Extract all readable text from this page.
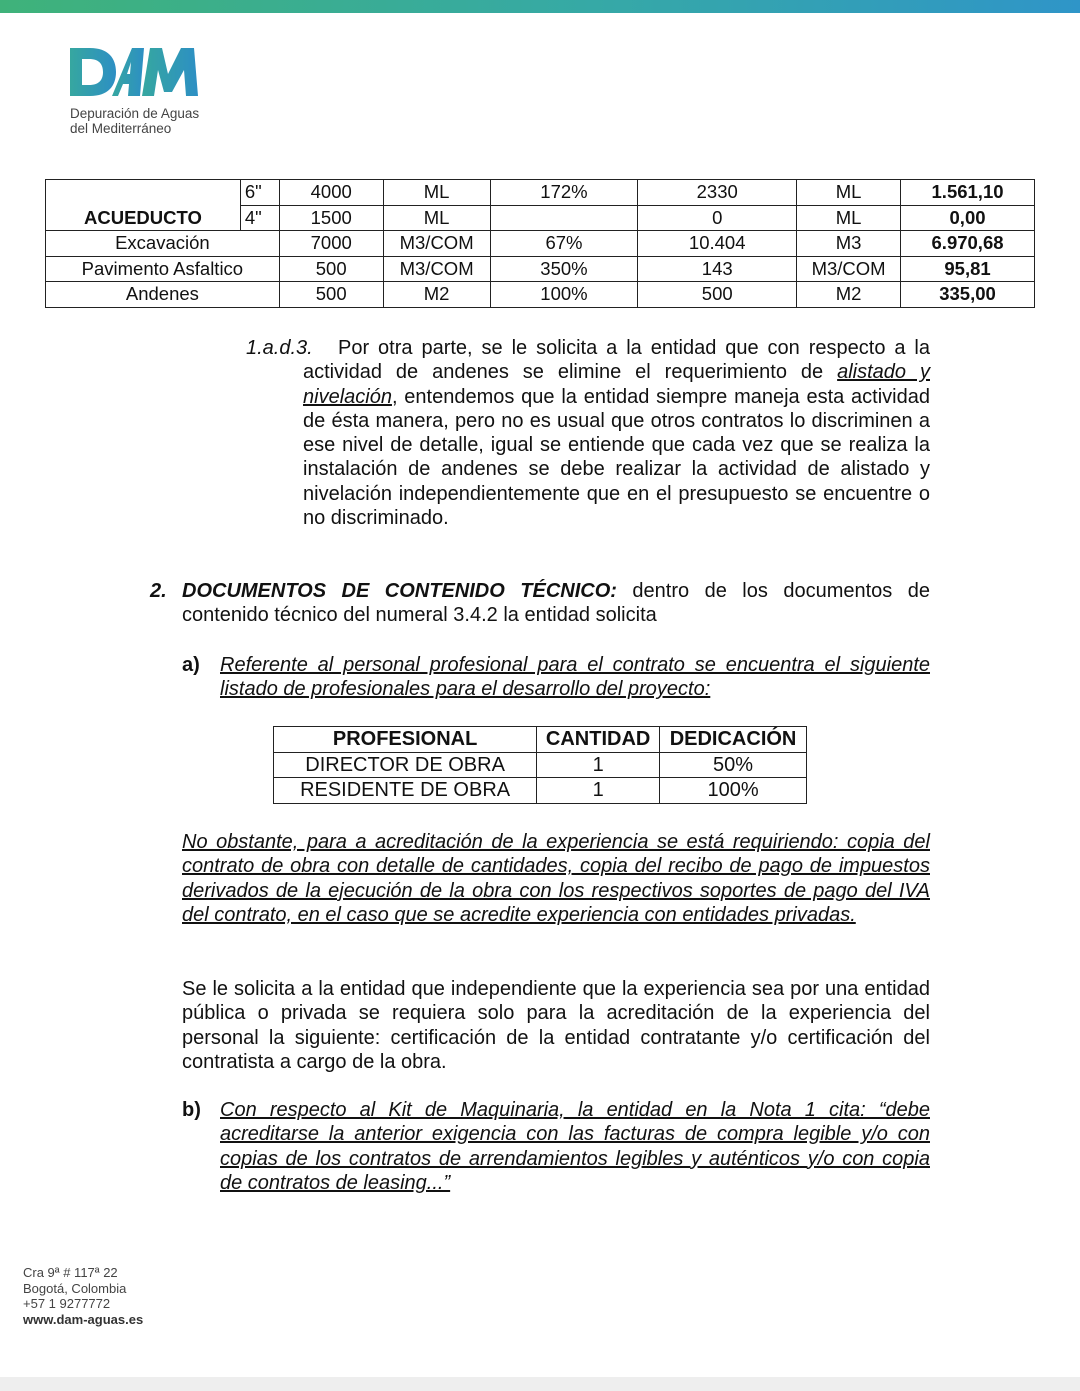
Depuración de Aguas
del Mediterráneo
	6"	4000	ML	172%	2330	ML	1.561,10
ACUEDUCTO	4"	1500	ML		0	ML	0,00
Excavación		7000	M3/COM	67%	10.404	M3	6.970,68
Pavimento Asfaltico		500	M3/COM	350%	143	M3/COM	95,81
Andenes		500	M2	100%	500	M2	335,00
1.a.d.3.	Por otra parte, se le solicita a la entidad que con respecto a la actividad de andenes se elimine el requerimiento de alistado y nivelación, entendemos que la entidad siempre maneja esta actividad de ésta manera, pero no es usual que otros contratos lo discriminen a ese nivel de detalle, igual se entiende que cada vez que se realiza la instalación de andenes se debe realizar la actividad de alistado y nivelación independientemente que en el presupuesto se encuentre o no discriminado.
2. DOCUMENTOS DE CONTENIDO TÉCNICO: dentro de los documentos de contenido técnico del numeral 3.4.2 la entidad solicita
a) Referente al personal profesional para el contrato se encuentra el siguiente listado de profesionales para el desarrollo del proyecto:
PROFESIONAL	CANTIDAD	DEDICACIÓN
DIRECTOR DE OBRA	1	50%
RESIDENTE DE OBRA	1	100%
No obstante, para a acreditación de la experiencia se está requiriendo: copia del contrato de obra con detalle de cantidades, copia del recibo de pago de impuestos derivados de la ejecución de la obra con los respectivos soportes de pago del IVA del contrato, en el caso que se acredite experiencia con entidades privadas.
Se le solicita a la entidad que independiente que la experiencia sea por una entidad pública o privada se requiera solo para la acreditación de la experiencia del personal la siguiente: certificación de la entidad contratante y/o certificación del contratista a cargo de la obra.
b) Con respecto al Kit de Maquinaria, la entidad en la Nota 1 cita: “debe acreditarse la anterior exigencia con las facturas de compra legible y/o con copias de los contratos de arrendamientos legibles y auténticos y/o con copia de contratos de leasing...”
Cra 9ª # 117ª 22
Bogotá, Colombia
+57 1 9277772
www.dam-aguas.es
